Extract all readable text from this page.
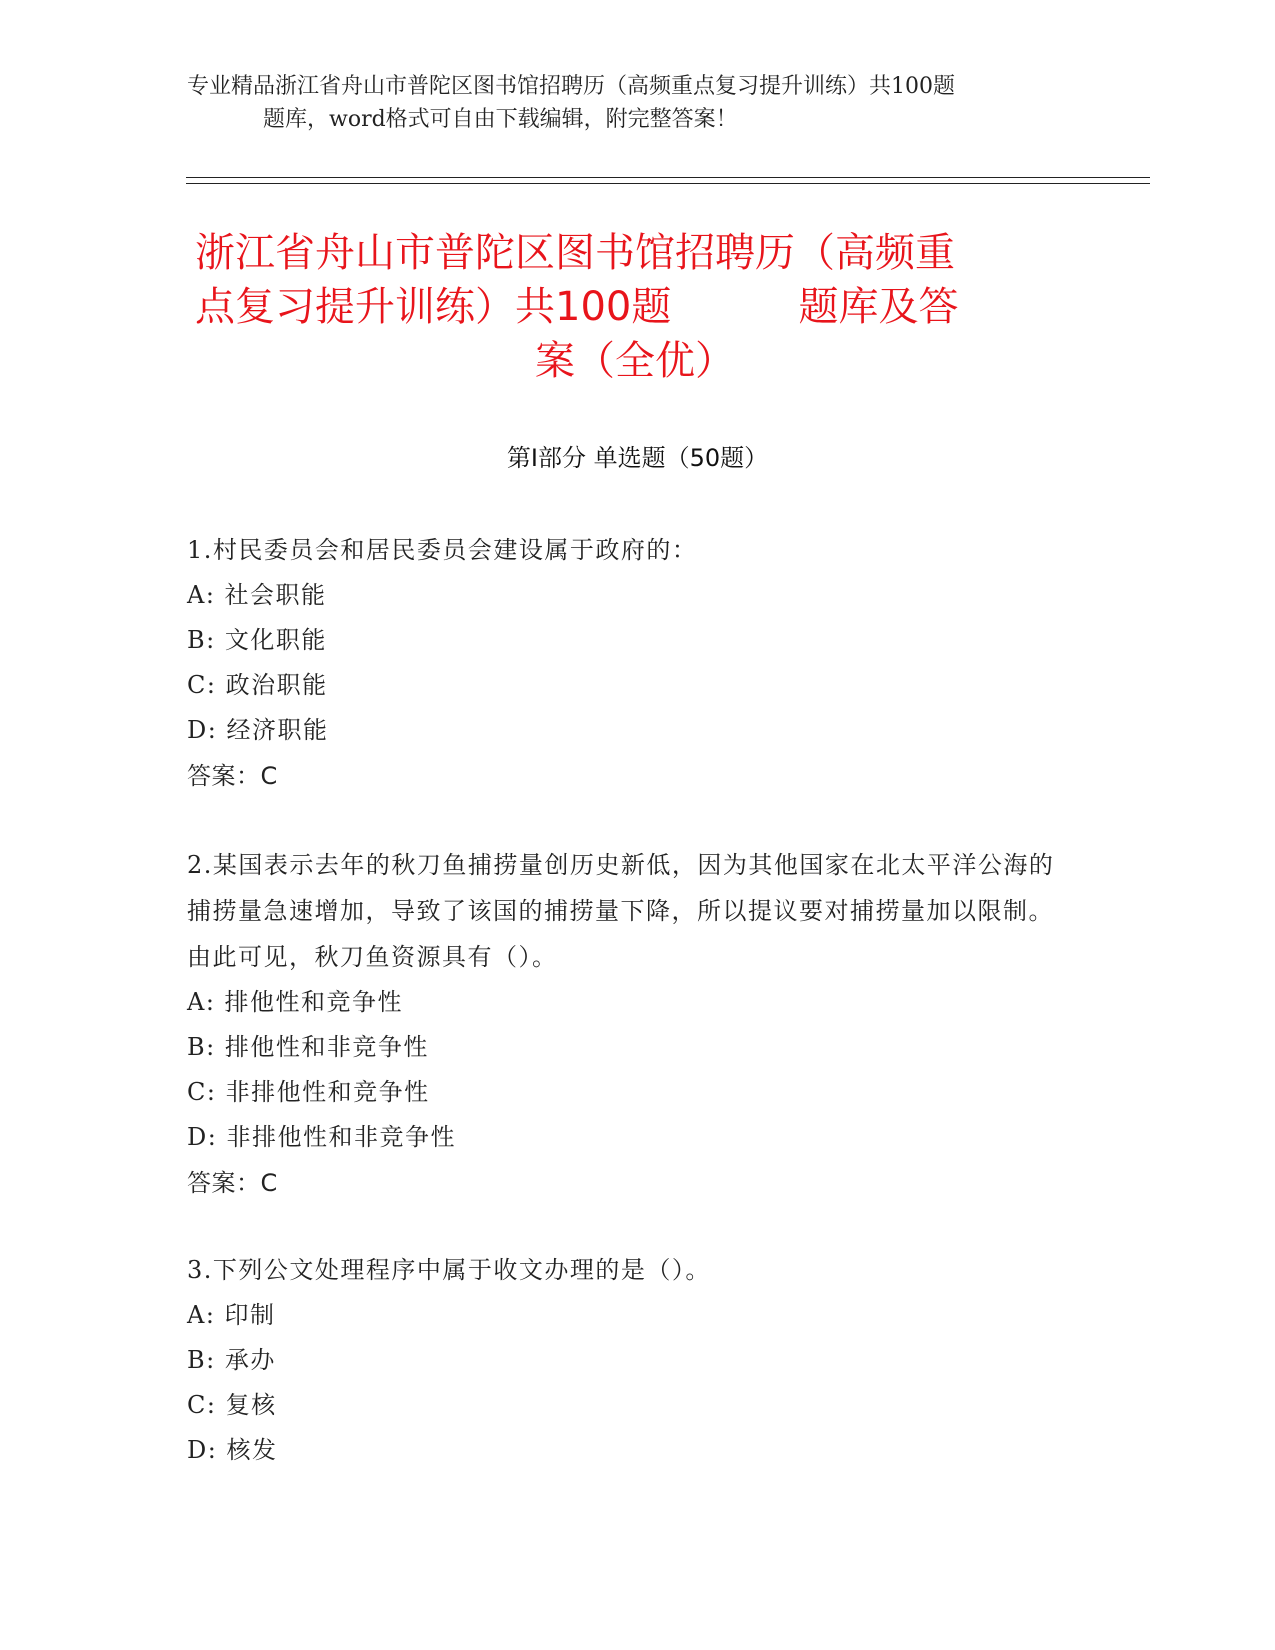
专业精品浙江省舟山市普陀区图书馆招聘历（高频重点复习提升训练）共100题
题库，word格式可自由下载编辑，附完整答案！
浙江省舟山市普陀区图书馆招聘历（高频重
点复习提升训练）共100题          题库及答
案（全优）
第Ⅰ部分 单选题（50题）
1.村民委员会和居民委员会建设属于政府的：
A: 社会职能
B: 文化职能
C: 政治职能
D: 经济职能
答案：C
2.某国表示去年的秋刀鱼捕捞量创历史新低，因为其他国家在北太平洋公海的捕捞量急速增加，导致了该国的捕捞量下降，所以提议要对捕捞量加以限制。由此可见，秋刀鱼资源具有（）。
A: 排他性和竞争性
B: 排他性和非竞争性
C: 非排他性和竞争性
D: 非排他性和非竞争性
答案：C
3.下列公文处理程序中属于收文办理的是（）。
A: 印制
B: 承办
C: 复核
D: 核发
